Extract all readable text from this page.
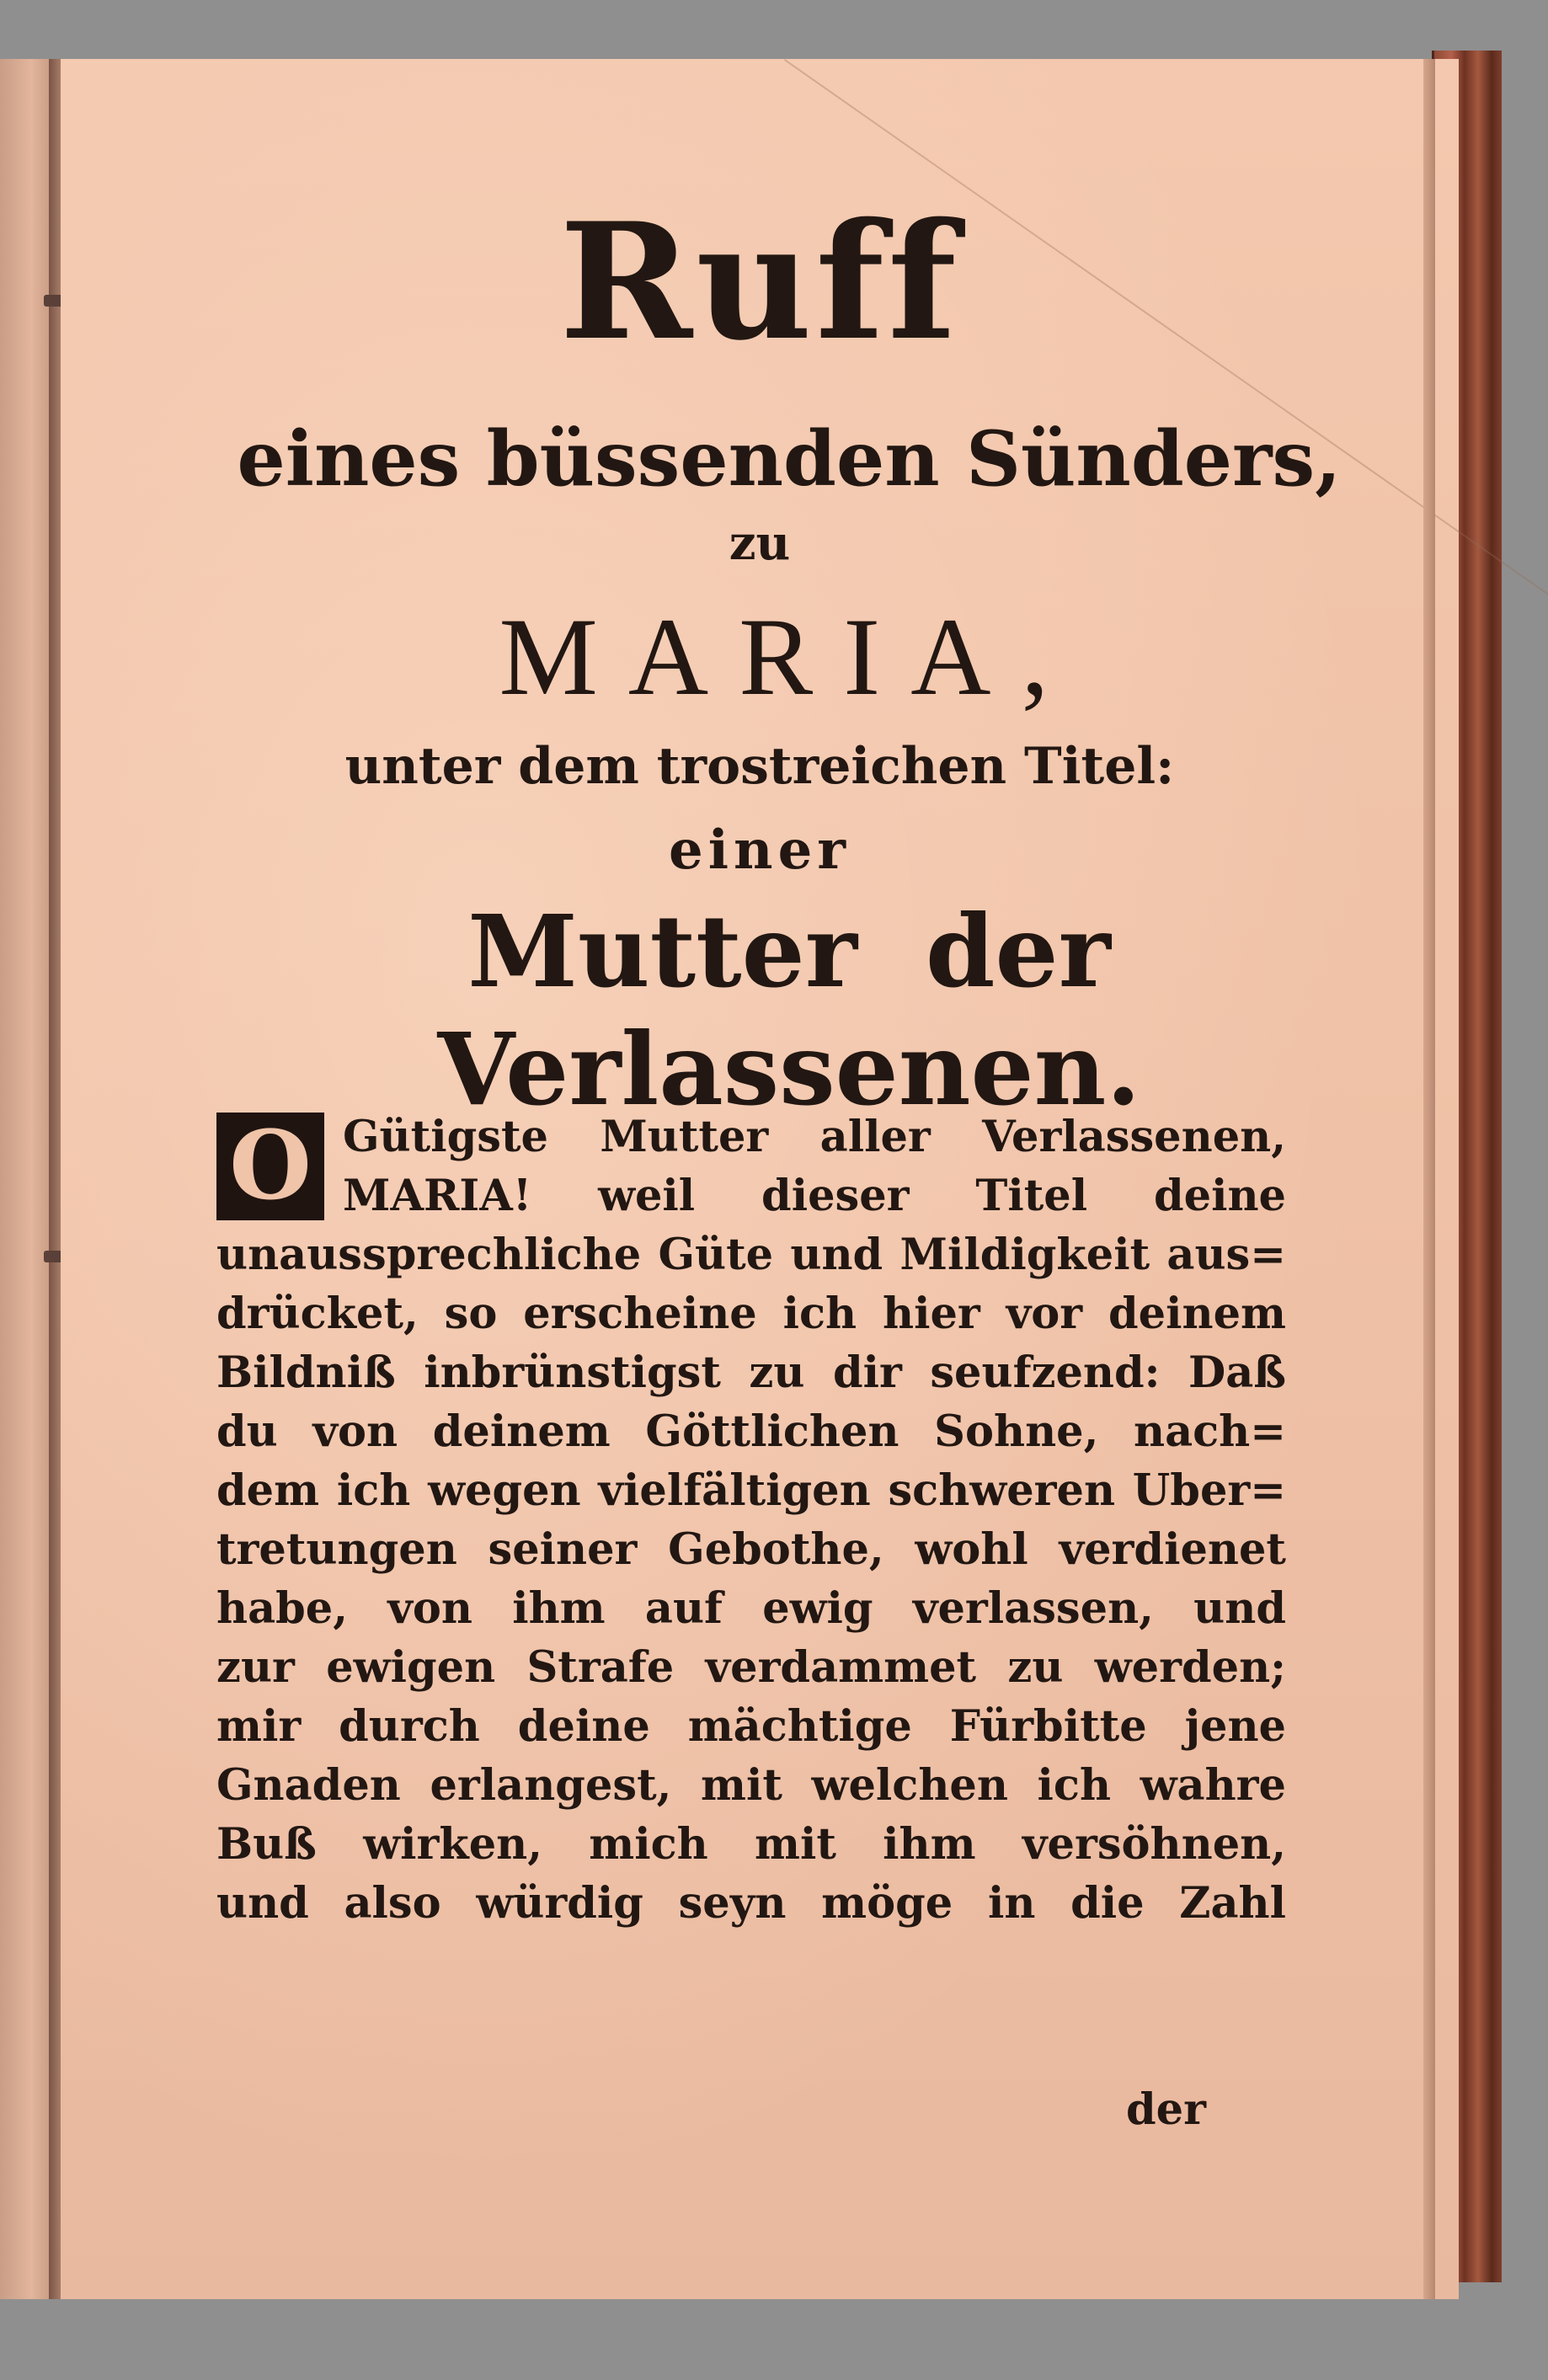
Ruff
eines büssenden Sünders,
zu
MARIA,
unter dem trostreichen Titel:
einer
Mutter der Verlassenen.
O Gütigste Mutter aller Verlassenen,
MARIA! weil dieser Titel deine
unaussprechliche Güte und Mildigkeit aus=
drücket, so erscheine ich hier vor deinem
Bildniß inbrünstigst zu dir seufzend: Daß
du von deinem Göttlichen Sohne, nach=
dem ich wegen vielfältigen schweren Uber=
tretungen seiner Gebothe, wohl verdienet
habe, von ihm auf ewig verlassen, und
zur ewigen Strafe verdammet zu werden;
mir durch deine mächtige Fürbitte jene
Gnaden erlangest, mit welchen ich wahre
Buß wirken, mich mit ihm versöhnen,
und also würdig seyn möge in die Zahl
der
